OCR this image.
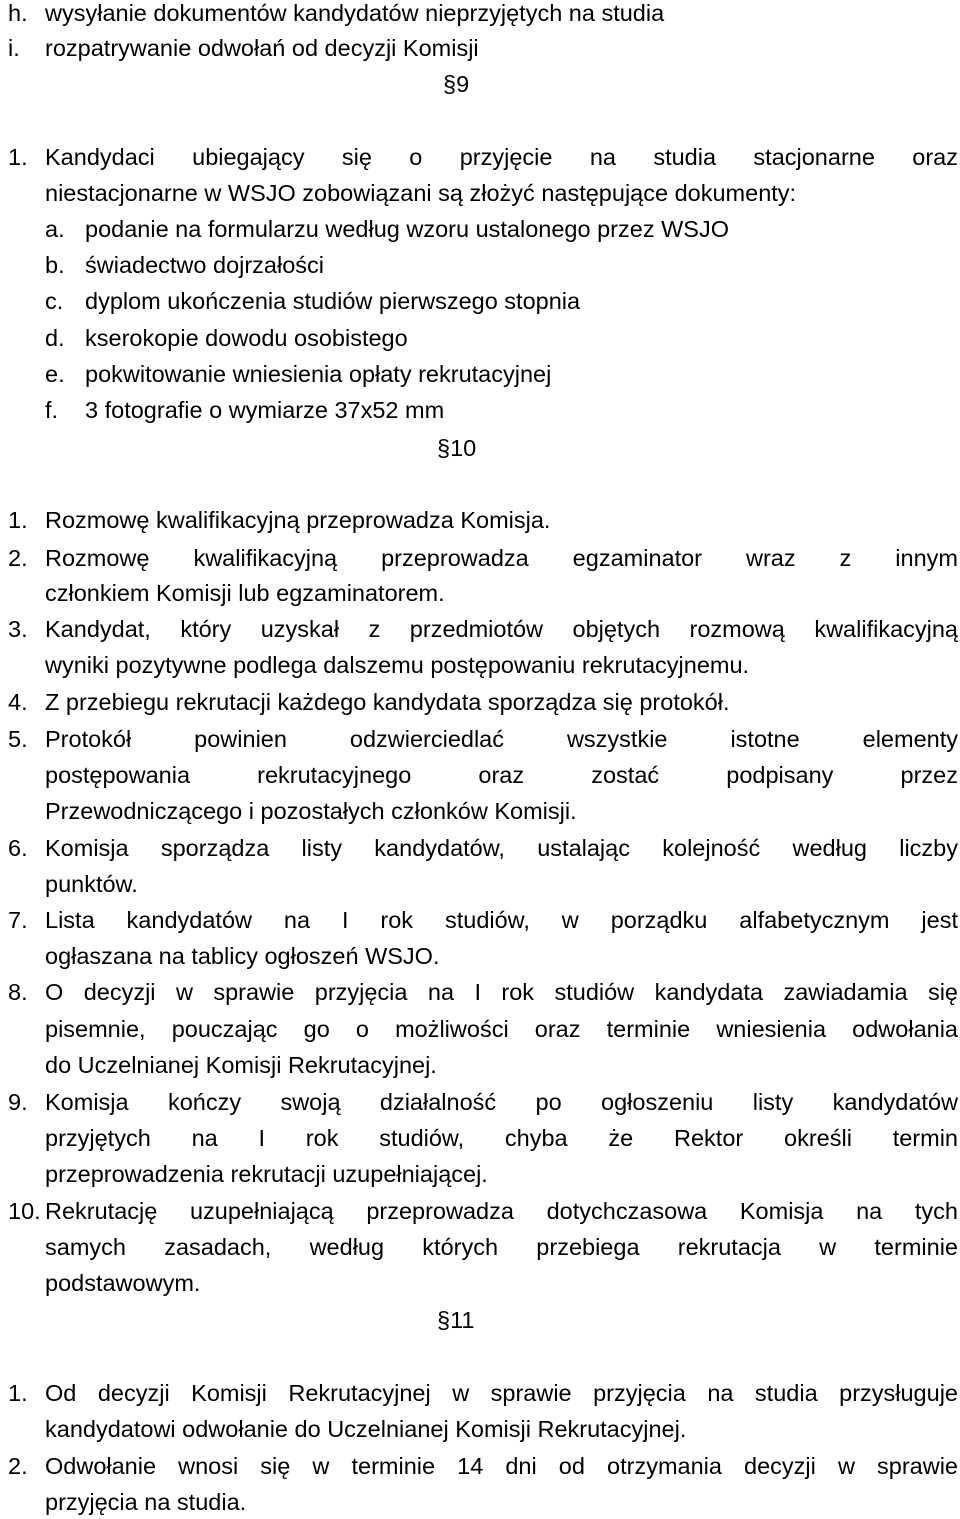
h. wysyłanie dokumentów kandydatów nieprzyjętych na studia
i. rozpatrywanie odwołań od decyzji Komisji
§9
1. Kandydaci ubiegający się o przyjęcie na studia stacjonarne oraz
niestacjonarne w WSJO zobowiązani są złożyć następujące dokumenty:
a. podanie na formularzu według wzoru ustalonego przez WSJO
b. świadectwo dojrzałości
c. dyplom ukończenia studiów pierwszego stopnia
d. kserokopie dowodu osobistego
e. pokwitowanie wniesienia opłaty rekrutacyjnej
f. 3 fotografie o wymiarze 37x52 mm
§10
1. Rozmowę kwalifikacyjną przeprowadza Komisja.
2. Rozmowę kwalifikacyjną przeprowadza egzaminator wraz z innym
członkiem Komisji lub egzaminatorem.
3. Kandydat, który uzyskał z przedmiotów objętych rozmową kwalifikacyjną
wyniki pozytywne podlega dalszemu postępowaniu rekrutacyjnemu.
4. Z przebiegu rekrutacji każdego kandydata sporządza się protokół.
5. Protokół powinien odzwierciedlać wszystkie istotne elementy
postępowania rekrutacyjnego oraz zostać podpisany przez
Przewodniczącego i pozostałych członków Komisji.
6. Komisja sporządza listy kandydatów, ustalając kolejność według liczby
punktów.
7. Lista kandydatów na I rok studiów, w porządku alfabetycznym jest
ogłaszana na tablicy ogłoszeń WSJO.
8. O decyzji w sprawie przyjęcia na I rok studiów kandydata zawiadamia się
pisemnie, pouczając go o możliwości oraz terminie wniesienia odwołania
do Uczelnianej Komisji Rekrutacyjnej.
9. Komisja kończy swoją działalność po ogłoszeniu listy kandydatów
przyjętych na I rok studiów, chyba że Rektor określi termin
przeprowadzenia rekrutacji uzupełniającej.
10. Rekrutację uzupełniającą przeprowadza dotychczasowa Komisja na tych
samych zasadach, według których przebiega rekrutacja w terminie
podstawowym.
§11
1. Od decyzji Komisji Rekrutacyjnej w sprawie przyjęcia na studia przysługuje
kandydatowi odwołanie do Uczelnianej Komisji Rekrutacyjnej.
2. Odwołanie wnosi się w terminie 14 dni od otrzymania decyzji w sprawie
przyjęcia na studia.
